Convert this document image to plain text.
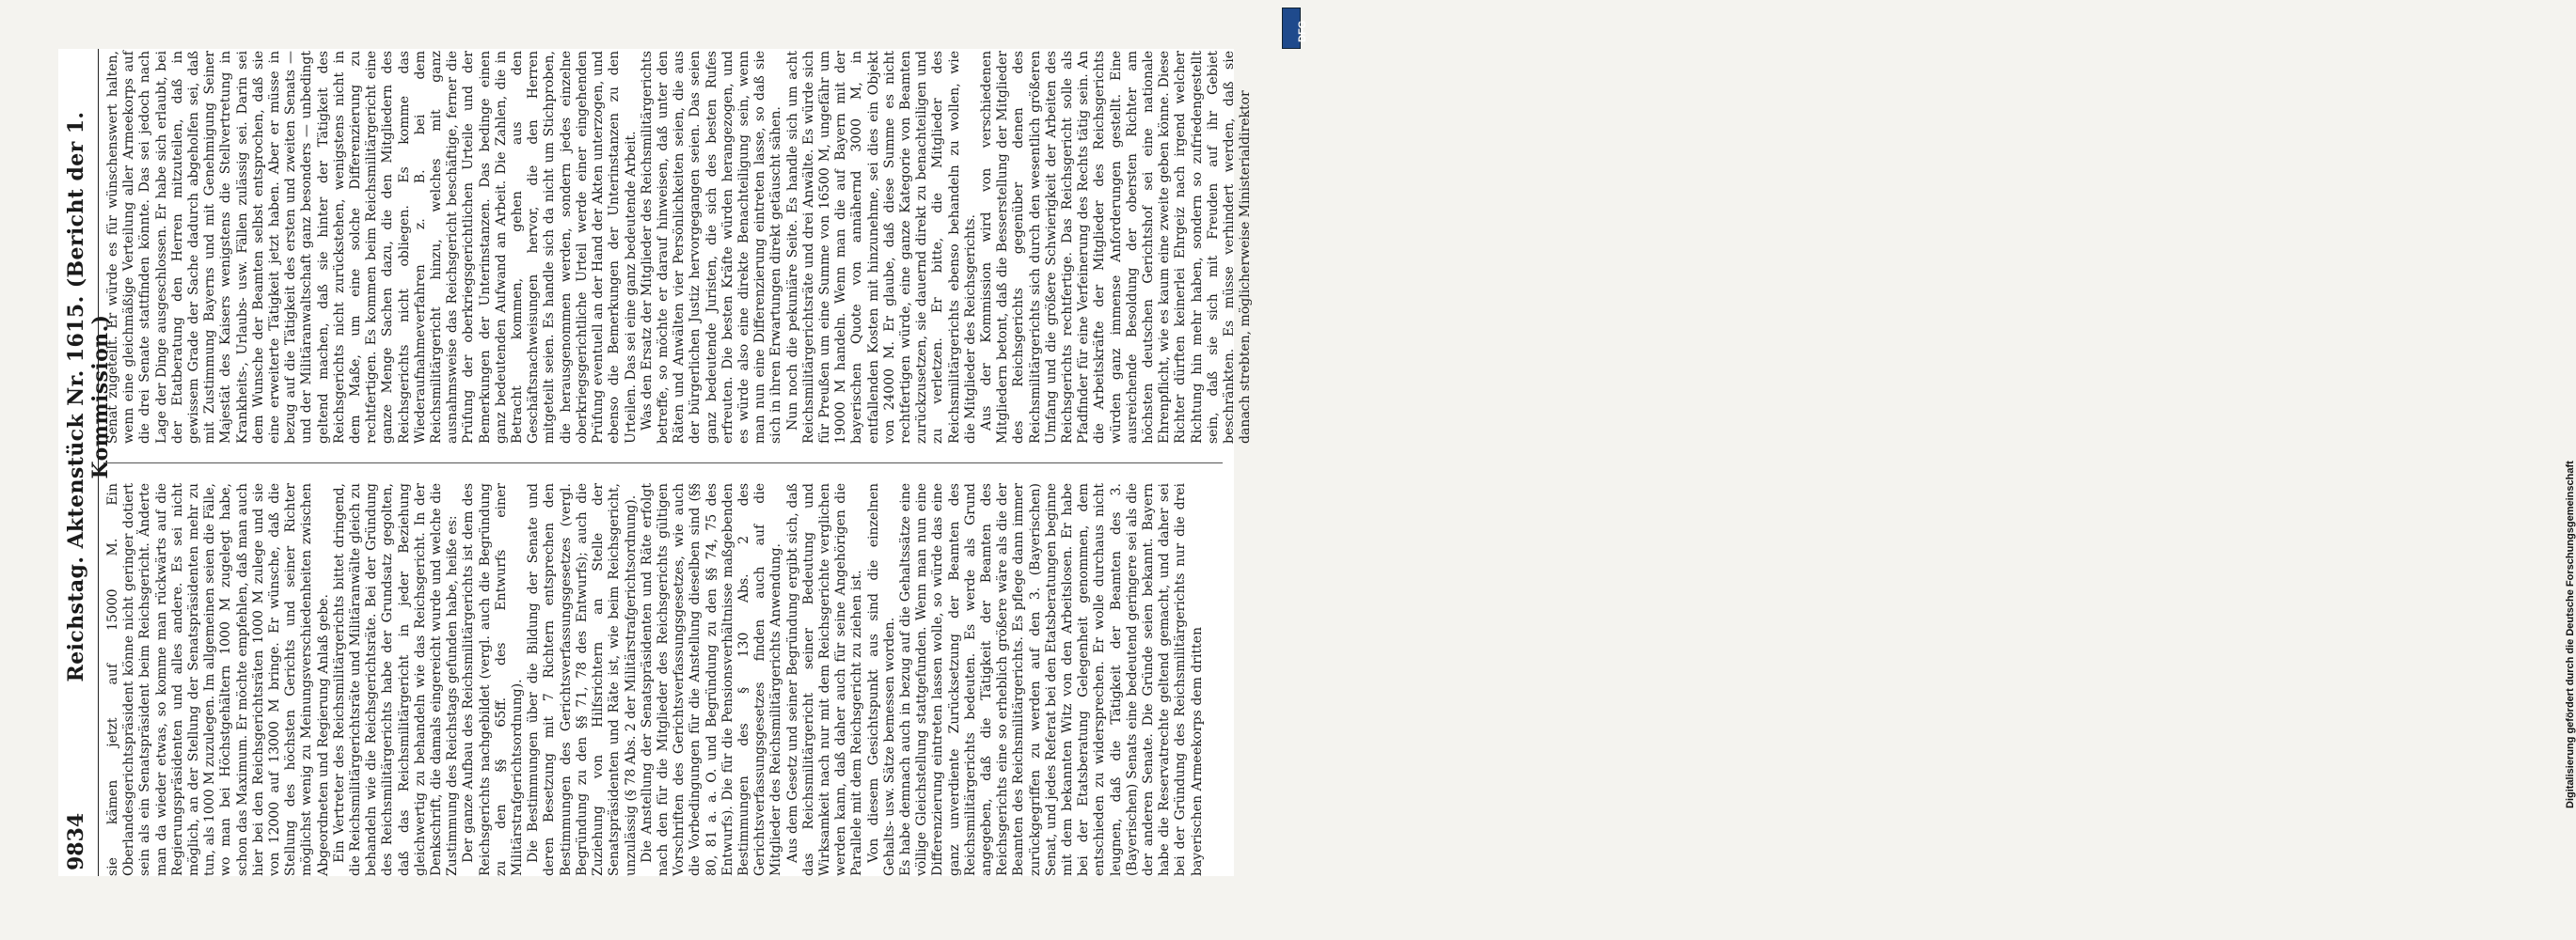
9834
Reichstag. Aktenstück Nr. 1615. (Bericht der 1. Kommission.)

sie kämen jetzt auf 15000 M. Ein Oberlandesgerichtspräsident könne nicht geringer dotiert sein als ein Senatspräsident beim Reichsgericht. Änderte man da wieder etwas, so komme man rückwärts auf die Regierungspräsidenten und alles andere. Es sei nicht möglich, an der Stellung der Senatspräsidenten mehr zu tun, als 1000 M zuzulegen. Im allgemeinen seien die Fälle, wo man bei Höchstgehältern 1000 M zugelegt habe, schon das Maximum. Er möchte empfehlen, daß man auch hier bei den Reichsgerichtsräten 1000 M zulege und sie von 12000 auf 13000 M bringe. Er wünsche, daß die Stellung des höchsten Gerichts und seiner Richter möglichst wenig zu Meinungsverschiedenheiten zwischen Abgeordneten und Regierung Anlaß gebe. Ein Vertreter des Reichsmilitärgerichts bittet dringend, die Reichsmilitärgerichtsräte und Militäranwälte gleich zu behandeln wie die Reichsgerichtsräte. Bei der Gründung des Reichsmilitärgerichts habe der Grundsatz gegolten, daß das Reichsmilitärgericht in jeder Beziehung gleichwertig zu behandeln wie das Reichsgericht. In der Denkschrift, die damals eingereicht wurde und welche die Zustimmung des Reichstags gefunden habe, heiße es: Der ganze Aufbau des Reichsmilitärgerichts ist dem des Reichsgerichts nachgebildet (vergl. auch die Begründung zu den §§ 65ff. des Entwurfs einer Militärstrafgerichtsordnung). Die Bestimmungen über die Bildung der Senate und deren Besetzung mit 7 Richtern entsprechen den Bestimmungen des Gerichtsverfassungsgesetzes (vergl. Begründung zu den §§ 71, 78 des Entwurfs); auch die Zuziehung von Hilfsrichtern an Stelle der Senatspräsidenten und Räte ist, wie beim Reichsgericht, unzulässig (§ 78 Abs. 2 der Militärstrafgerichtsordnung). Die Anstellung der Senatspräsidenten und Räte erfolgt nach den für die Mitglieder des Reichsgerichts gültigen Vorschriften des Gerichtsverfassungsgesetzes, wie auch die Vorbedingungen für die Anstellung dieselben sind (§§ 80, 81 a. a. O. und Begründung zu den §§ 74, 75 des Entwurfs). Die für die Pensionsverhältnisse maßgebenden Bestimmungen des § 130 Abs. 2 des Gerichtsverfassungsgesetzes finden auch auf die Mitglieder des Reichsmilitärgerichts Anwendung. Aus dem Gesetz und seiner Begründung ergibt sich, daß das Reichsmilitärgericht seiner Bedeutung und Wirksamkeit nach nur mit dem Reichsgerichte verglichen werden kann, daß daher auch für seine Angehörigen die Parallele mit dem Reichsgericht zu ziehen ist. Von diesem Gesichtspunkt aus sind die einzelnen Gehalts- usw. Sätze bemessen worden. Es habe demnach auch in bezug auf die Gehaltssätze eine völlige Gleichstellung stattgefunden. Wenn man nun eine Differenzierung eintreten lassen wolle, so würde das eine ganz unverdiente Zurücksetzung der Beamten des Reichsmilitärgerichts bedeuten. Es werde als Grund angegeben, daß die Tätigkeit der Beamten des Reichsgerichts eine so erheblich größere wäre als die der Beamten des Reichsmilitärgerichts. Es pflege dann immer zurückgegriffen zu werden auf den 3. (Bayerischen) Senat, und jedes Referat bei den Etatsberatungen beginne mit dem bekannten Witz von den Arbeitslosen. Er habe bei der Etatsberatung Gelegenheit genommen, dem entschieden zu widersprechen. Er wolle durchaus nicht leugnen, daß die Tätigkeit der Beamten des 3. (Bayerischen) Senats eine bedeutend geringere sei als die der anderen Senate. Die Gründe seien bekannt. Bayern habe die Reservatrechte geltend gemacht, und daher sei bei der Gründung des Reichsmilitärgerichts nur die drei bayerischen Armeekorps dem dritten

Senat zugeteilt. Er würde es für wünschenswert halten, wenn eine gleichmäßige Verteilung aller Armeekorps auf die drei Senate stattfinden könnte. Das sei jedoch nach Lage der Dinge ausgeschlossen. Er habe sich erlaubt, bei der Etatberatung den Herren mitzuteilen, daß in gewissem Grade der Sache dadurch abgeholfen sei, daß mit Zustimmung Bayerns und mit Genehmigung Seiner Majestät des Kaisers wenigstens die Stellvertretung in Krankheits-, Urlaubs- usw. Fällen zulässig sei. Darin sei dem Wunsche der Beamten selbst entsprochen, daß sie eine erweiterte Tätigkeit jetzt haben. Aber er müsse in bezug auf die Tätigkeit des ersten und zweiten Senats — und der Militäranwaltschaft ganz besonders — unbedingt geltend machen, daß sie hinter der Tätigkeit des Reichsgerichts nicht zurückstehen, wenigstens nicht in dem Maße, um eine solche Differenzierung zu rechtfertigen. Es kommen beim Reichsmilitärgericht eine ganze Menge Sachen dazu, die den Mitgliedern des Reichsgerichts nicht obliegen. Es komme das Wiederaufnahmeverfahren z. B. bei dem Reichsmilitärgericht hinzu, welches mit ganz ausnahmsweise das Reichsgericht beschäftige, ferner die Prüfung der oberkriegsgerichtlichen Urteile und der Bemerkungen der Unterinstanzen. Das bedinge einen ganz bedeutenden Aufwand an Arbeit. Die Zahlen, die in Betracht kommen, gehen aus den Geschäftsnachweisungen hervor, die den Herren mitgeteilt seien. Es handle sich da nicht um Stichproben, die herausgenommen werden, sondern jedes einzelne oberkriegsgerichtliche Urteil werde einer eingehenden Prüfung eventuell an der Hand der Akten unterzogen, und ebenso die Bemerkungen der Unterinstanzen zu den Urteilen. Das sei eine ganz bedeutende Arbeit. Was den Ersatz der Mitglieder des Reichsmilitärgerichts betreffe, so möchte er darauf hinweisen, daß unter den Räten und Anwälten vier Persönlichkeiten seien, die aus der bürgerlichen Justiz hervorgegangen seien. Das seien ganz bedeutende Juristen, die sich des besten Rufes erfreuten. Die besten Kräfte würden herangezogen, und es würde also eine direkte Benachteiligung sein, wenn man nun eine Differenzierung eintreten lasse, so daß sie sich in ihren Erwartungen direkt getäuscht sähen. Nun noch die pekuniäre Seite. Es handle sich um acht Reichsmilitärgerichtsräte und drei Anwälte. Es würde sich für Preußen um eine Summe von 16500 M, ungefähr um 19000 M handeln. Wenn man die auf Bayern mit der bayerischen Quote von annähernd 3000 M, in entfallenden Kosten mit hinzunehme, sei dies ein Objekt von 24000 M. Er glaube, daß diese Summe es nicht rechtfertigen würde, eine ganze Kategorie von Beamten zurückzusetzen, sie dauernd direkt zu benachteiligen und zu verletzen. Er bitte, die Mitglieder des Reichsmilitärgerichts ebenso behandeln zu wollen, wie die Mitglieder des Reichsgerichts. Aus der Kommission wird von verschiedenen Mitgliedern betont, daß die Besserstellung der Mitglieder des Reichsgerichts gegenüber denen des Reichsmilitärgerichts sich durch den wesentlich größeren Umfang und die größere Schwierigkeit der Arbeiten des Reichsgerichts rechtfertige. Das Reichsgericht solle als Pfadfinder für eine Verfeinerung des Rechts tätig sein. An die Arbeitskräfte der Mitglieder des Reichsgerichts würden ganz immense Anforderungen gestellt. Eine ausreichende Besoldung der obersten Richter am höchsten deutschen Gerichtshof sei eine nationale Ehrenpflicht, wie es kaum eine zweite geben könne. Diese Richter dürften keinerlei Ehrgeiz nach irgend welcher Richtung hin mehr haben, sondern so zufriedengestellt sein, daß sie sich mit Freuden auf ihr Gebiet beschränkten. Es müsse verhindert werden, daß sie danach strebten, möglicherweise Ministerialdirektor

Digitalisierung gefördert durch die Deutsche Forschungsgemeinschaft
DFG
